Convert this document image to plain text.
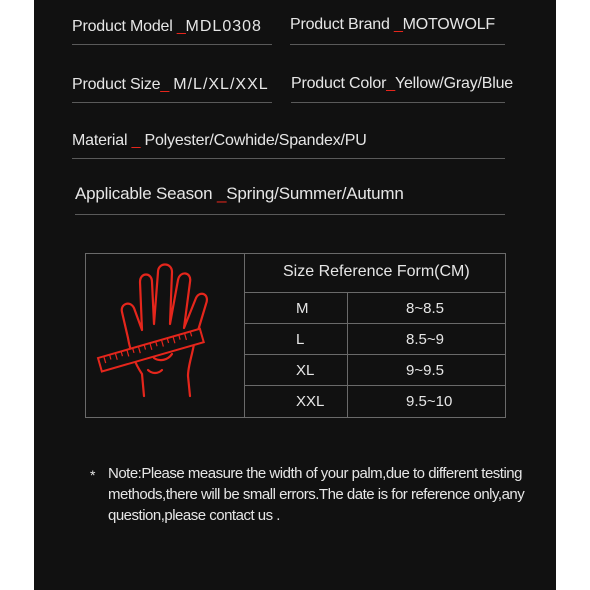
Product Model _MDL0308 Product Brand _MOTOWOLF
Product Size_ M/L/XL/XXL Product Color_Yellow/Gray/Blue
Material _ Polyester/Cowhide/Spandex/PU
Applicable Season _Spring/Summer/Autumn
Size Reference Form(CM)
M	8~8.5
L	8.5~9
XL	9~9.5
XXL	9.5~10
* Note:Please measure the width of your palm,due to different testing
methods,there will be small errors.The date is for reference only,any
question,please contact us .
